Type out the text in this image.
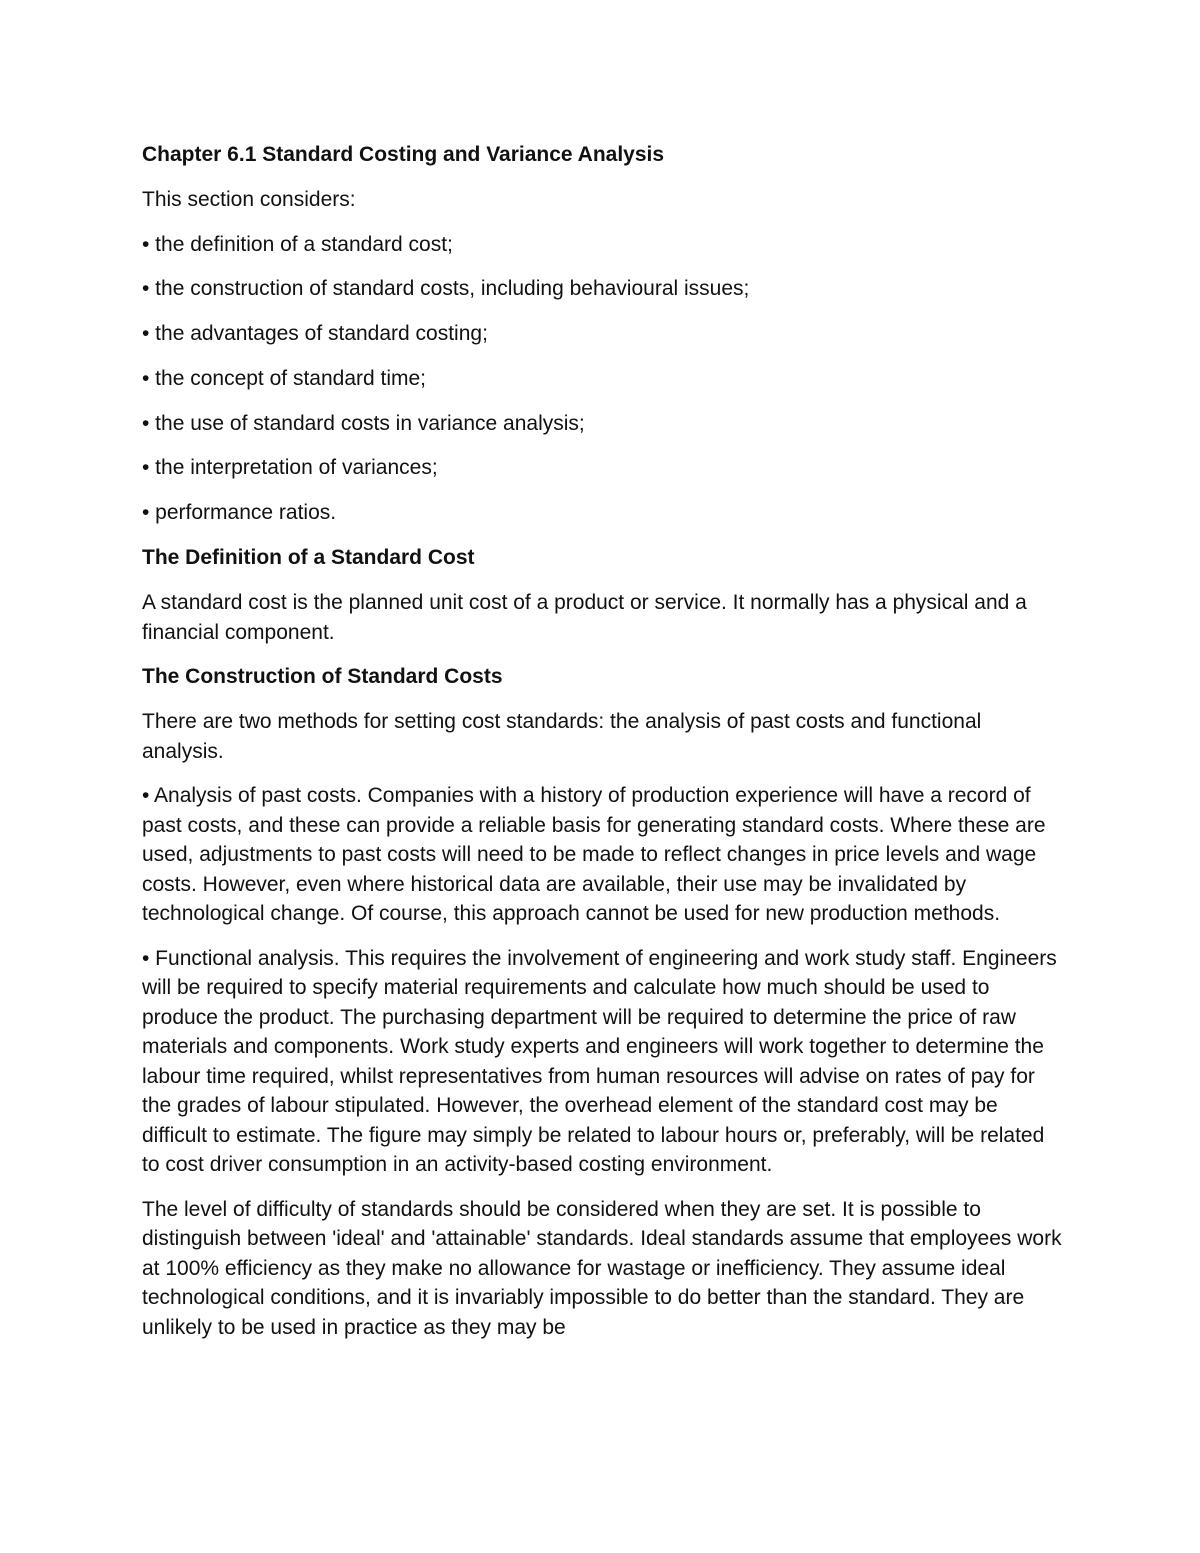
Chapter 6.1 Standard Costing and Variance Analysis
This section considers:
• the definition of a standard cost;
• the construction of standard costs, including behavioural issues;
• the advantages of standard costing;
• the concept of standard time;
• the use of standard costs in variance analysis;
• the interpretation of variances;
• performance ratios.
The Definition of a Standard Cost
A standard cost is the planned unit cost of a product or service. It normally has a physical and a financial component.
The Construction of Standard Costs
There are two methods for setting cost standards: the analysis of past costs and functional analysis.
• Analysis of past costs. Companies with a history of production experience will have a record of past costs, and these can provide a reliable basis for generating standard costs. Where these are used, adjustments to past costs will need to be made to reflect changes in price levels and wage costs. However, even where historical data are available, their use may be invalidated by technological change. Of course, this approach cannot be used for new production methods.
• Functional analysis. This requires the involvement of engineering and work study staff. Engineers will be required to specify material requirements and calculate how much should be used to produce the product. The purchasing department will be required to determine the price of raw materials and components. Work study experts and engineers will work together to determine the labour time required, whilst representatives from human resources will advise on rates of pay for the grades of labour stipulated. However, the overhead element of the standard cost may be difficult to estimate. The figure may simply be related to labour hours or, preferably, will be related to cost driver consumption in an activity-based costing environment.
The level of difficulty of standards should be considered when they are set. It is possible to distinguish between 'ideal' and 'attainable' standards. Ideal standards assume that employees work at 100% efficiency as they make no allowance for wastage or inefficiency. They assume ideal technological conditions, and it is invariably impossible to do better than the standard. They are unlikely to be used in practice as they may be
